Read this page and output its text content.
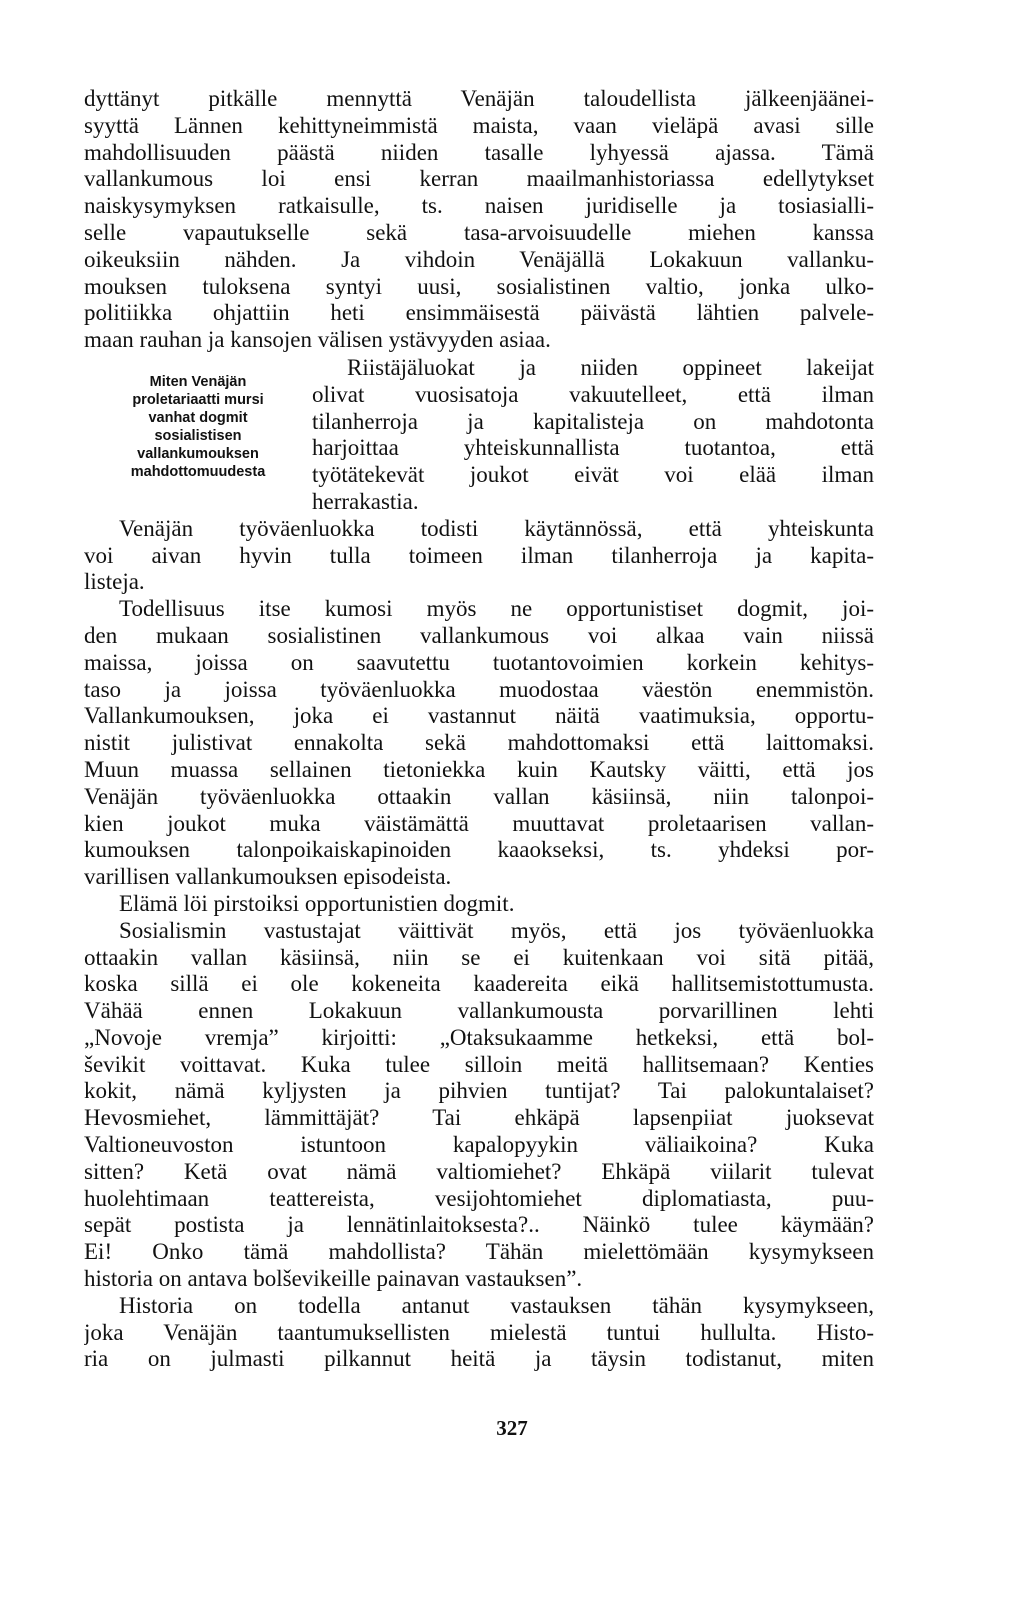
dyttänyt pitkälle mennyttä Venäjän taloudellista jälkeenjäänei-
syyttä Lännen kehittyneimmistä maista, vaan vieläpä avasi sille
mahdollisuuden päästä niiden tasalle lyhyessä ajassa. Tämä
vallankumous loi ensi kerran maailmanhistoriassa edellytykset
naiskysymyksen ratkaisulle, ts. naisen juridiselle ja tosiasialli-
selle vapautukselle sekä tasa-arvoisuudelle miehen kanssa
oikeuksiin nähden. Ja vihdoin Venäjällä Lokakuun vallanku-
mouksen tuloksena syntyi uusi, sosialistinen valtio, jonka ulko-
politiikka ohjattiin heti ensimmäisestä päivästä lähtien palvele-
maan rauhan ja kansojen välisen ystävyyden asiaa.
Miten Venäjän
proletariaatti mursi
vanhat dogmit
sosialistisen
vallankumouksen
mahdottomuudesta
Riistäjäluokat ja niiden oppineet lakeijat
olivat vuosisatoja vakuutelleet, että ilman
tilanherroja ja kapitalisteja on mahdotonta
harjoittaa yhteiskunnallista tuotantoa, että
työtätekevät joukot eivät voi elää ilman
herrakastia.
Venäjän työväenluokka todisti käytännössä, että yhteiskunta
voi aivan hyvin tulla toimeen ilman tilanherroja ja kapita-
listeja.
Todellisuus itse kumosi myös ne opportunistiset dogmit, joi-
den mukaan sosialistinen vallankumous voi alkaa vain niissä
maissa, joissa on saavutettu tuotantovoimien korkein kehitys-
taso ja joissa työväenluokka muodostaa väestön enemmistön.
Vallankumouksen, joka ei vastannut näitä vaatimuksia, opportu-
nistit julistivat ennakolta sekä mahdottomaksi että laittomaksi.
Muun muassa sellainen tietoniekka kuin Kautsky väitti, että jos
Venäjän työväenluokka ottaakin vallan käsiinsä, niin talonpoi-
kien joukot muka väistämättä muuttavat proletaarisen vallan-
kumouksen talonpoikaiskapinoiden kaaokseksi, ts. yhdeksi por-
varillisen vallankumouksen episodeista.
Elämä löi pirstoiksi opportunistien dogmit.
Sosialismin vastustajat väittivät myös, että jos työväenluokka
ottaakin vallan käsiinsä, niin se ei kuitenkaan voi sitä pitää,
koska sillä ei ole kokeneita kaadereita eikä hallitsemistottumusta.
Vähää ennen Lokakuun vallankumousta porvarillinen lehti
„Novoje vremja” kirjoitti: „Otaksukaamme hetkeksi, että bol-
ševikit voittavat. Kuka tulee silloin meitä hallitsemaan? Kenties
kokit, nämä kyljysten ja pihvien tuntijat? Tai palokuntalaiset?
Hevosmiehet, lämmittäjät? Tai ehkäpä lapsenpiiat juoksevat
Valtioneuvoston istuntoon kapalopyykin väliaikoina? Kuka
sitten? Ketä ovat nämä valtiomiehet? Ehkäpä viilarit tulevat
huolehtimaan teattereista, vesijohtomiehet diplomatiasta, puu-
sepät postista ja lennätinlaitoksesta?.. Näinkö tulee käymään?
Ei! Onko tämä mahdollista? Tähän mielettömään kysymykseen
historia on antava bolševikeille painavan vastauksen”.
Historia on todella antanut vastauksen tähän kysymykseen,
joka Venäjän taantumuksellisten mielestä tuntui hullulta. Histo-
ria on julmasti pilkannut heitä ja täysin todistanut, miten
327
